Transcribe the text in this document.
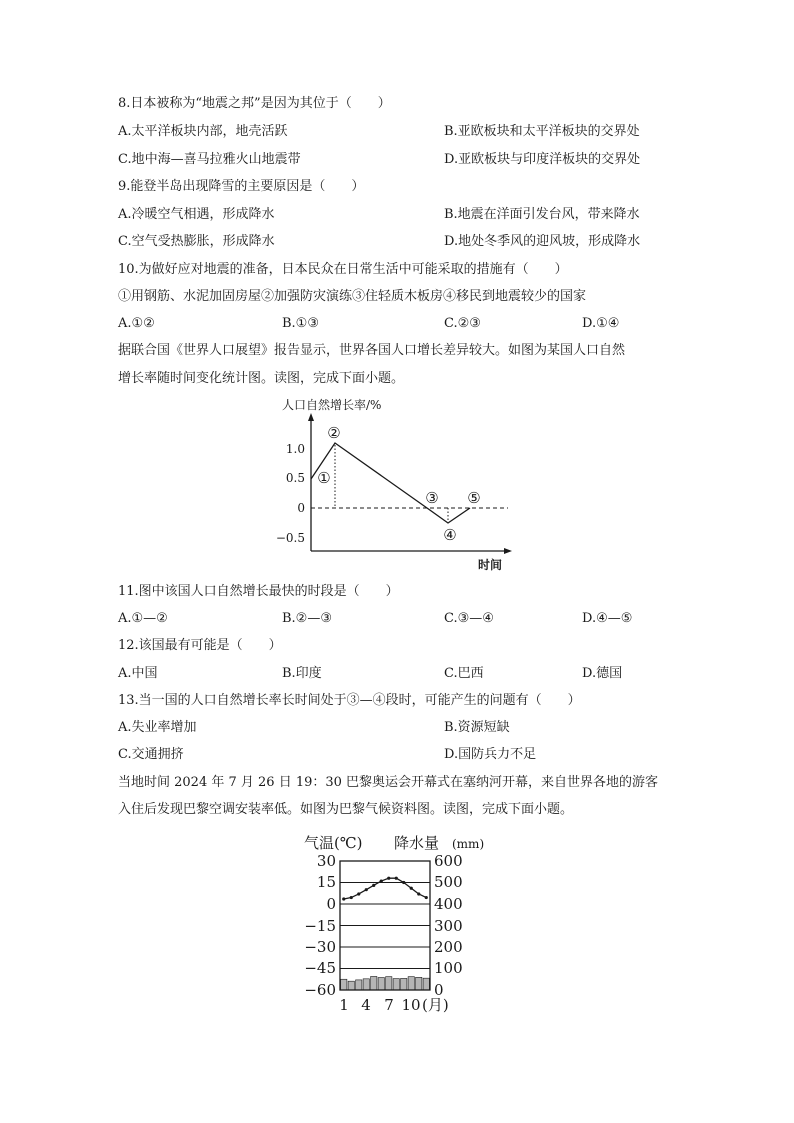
8.日本被称为“地震之邦”是因为其位于（　　）
A.太平洋板块内部，地壳活跃	B.亚欧板块和太平洋板块的交界处
C.地中海—喜马拉雅火山地震带	D.亚欧板块与印度洋板块的交界处
9.能登半岛出现降雪的主要原因是（　　）
A.冷暖空气相遇，形成降水	B.地震在洋面引发台风，带来降水
C.空气受热膨胀，形成降水	D.地处冬季风的迎风坡，形成降水
10.为做好应对地震的准备，日本民众在日常生活中可能采取的措施有（　　）
①用钢筋、水泥加固房屋②加强防灾演练③住轻质木板房④移民到地震较少的国家
A.①②	B.①③	C.②③	D.①④
据联合国《世界人口展望》报告显示，世界各国人口增长差异较大。如图为某国人口自然
增长率随时间变化统计图。读图，完成下面小题。
人口自然增长率/%
时间
1.0
0.5
0
−0.5
①
②
③
④
⑤
11.图中该国人口自然增长最快的时段是（　　）
A.①—②	B.②—③	C.③—④	D.④—⑤
12.该国最有可能是（　　）
A.中国	B.印度	C.巴西	D.德国
13.当一国的人口自然增长率长时间处于③—④段时，可能产生的问题有（　　）
A.失业率增加	B.资源短缺
C.交通拥挤	D.国防兵力不足
当地时间 2024 年 7 月 26 日 19：30 巴黎奥运会开幕式在塞纳河开幕，来自世界各地的游客
入住后发现巴黎空调安装率低。如图为巴黎气候资料图。读图，完成下面小题。
气温(℃) 降水量 (mm)
30
15
0
−15
−30
−45
−60
600
500
400
300
200
100
0
1 4 7 10 (月)
